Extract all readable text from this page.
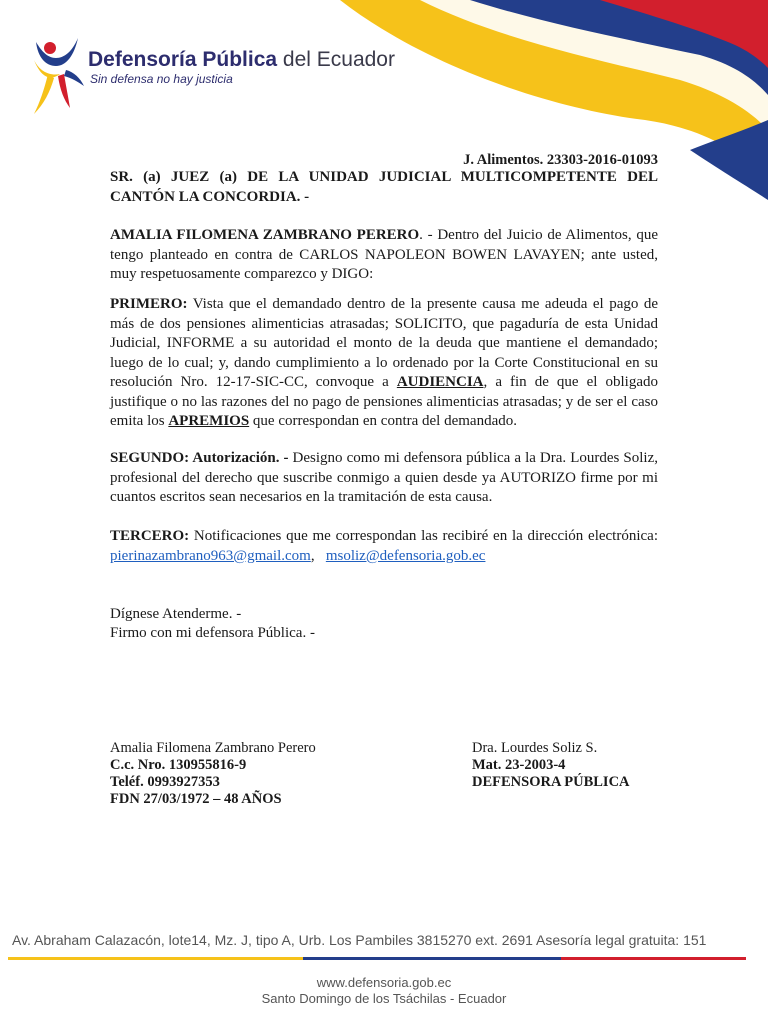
Defensoría Pública del Ecuador
Sin defensa no hay justicia
J. Alimentos. 23303-2016-01093
SR. (a) JUEZ (a) DE LA UNIDAD JUDICIAL MULTICOMPETENTE DEL CANTÓN LA CONCORDIA. -
AMALIA FILOMENA ZAMBRANO PERERO. - Dentro del Juicio de Alimentos, que tengo planteado en contra de CARLOS NAPOLEON BOWEN LAVAYEN; ante usted, muy respetuosamente comparezco y DIGO:
PRIMERO: Vista que el demandado dentro de la presente causa me adeuda el pago de más de dos pensiones alimenticias atrasadas; SOLICITO, que pagaduría de esta Unidad Judicial, INFORME a su autoridad el monto de la deuda que mantiene el demandado; luego de lo cual; y, dando cumplimiento a lo ordenado por la Corte Constitucional en su resolución Nro. 12-17-SIC-CC, convoque a AUDIENCIA, a fin de que el obligado justifique o no las razones del no pago de pensiones alimenticias atrasadas; y de ser el caso emita los APREMIOS que correspondan en contra del demandado.
SEGUNDO: Autorización. - Designo como mi defensora pública a la Dra. Lourdes Soliz, profesional del derecho que suscribe conmigo a quien desde ya AUTORIZO firme por mi cuantos escritos sean necesarios en la tramitación de esta causa.
TERCERO: Notificaciones que me correspondan las recibiré en la dirección electrónica: pierinazambrano963@gmail.com,   msoliz@defensoria.gob.ec
Dígnese Atenderme. -
Firmo con mi defensora Pública. -
Amalia Filomena Zambrano Perero
C.c. Nro. 130955816-9
Teléf. 0993927353
FDN 27/03/1972 – 48 AÑOS
Dra. Lourdes Soliz S.
Mat. 23-2003-4
DEFENSORA PÚBLICA
Av. Abraham Calazacón, lote14, Mz. J, tipo A, Urb. Los Pambiles 3815270 ext. 2691 Asesoría legal gratuita: 151
www.defensoria.gob.ec
Santo Domingo de los Tsáchilas - Ecuador
